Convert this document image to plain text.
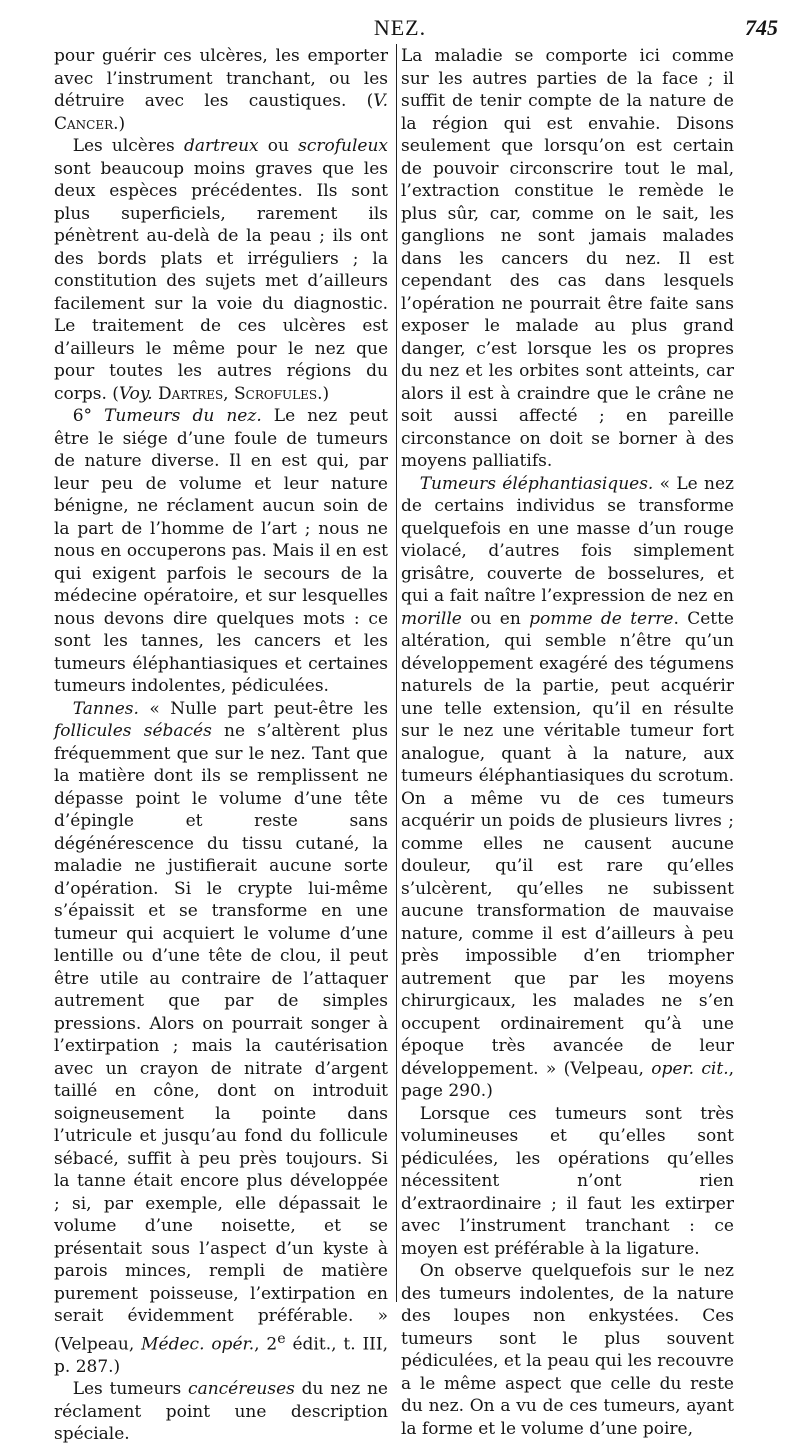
NEZ.	745

pour guérir ces ulcères, les emporter avec l’instrument tranchant, ou les détruire avec les caustiques. (V. Cancer.)

Les ulcères dartreux ou scrofuleux sont beaucoup moins graves que les deux espèces précédentes. Ils sont plus superficiels, rarement ils pénètrent au-delà de la peau ; ils ont des bords plats et irréguliers ; la constitution des sujets met d’ailleurs facilement sur la voie du diagnostic. Le traitement de ces ulcères est d’ailleurs le même pour le nez que pour toutes les autres régions du corps. (Voy. Dartres, Scrofules.)

6° Tumeurs du nez. Le nez peut être le siége d’une foule de tumeurs de nature diverse. Il en est qui, par leur peu de volume et leur nature bénigne, ne réclament aucun soin de la part de l’homme de l’art ; nous ne nous en occuperons pas. Mais il en est qui exigent parfois le secours de la médecine opératoire, et sur lesquelles nous devons dire quelques mots : ce sont les tannes, les cancers et les tumeurs éléphantiasiques et certaines tumeurs indolentes, pédiculées.

Tannes. « Nulle part peut-être les follicules sébacés ne s’altèrent plus fréquemment que sur le nez. Tant que la matière dont ils se remplissent ne dépasse point le volume d’une tête d’épingle et reste sans dégénérescence du tissu cutané, la maladie ne justifierait aucune sorte d’opération. Si le crypte lui-même s’épaissit et se transforme en une tumeur qui acquiert le volume d’une lentille ou d’une tête de clou, il peut être utile au contraire de l’attaquer autrement que par de simples pressions. Alors on pourrait songer à l’extirpation ; mais la cautérisation avec un crayon de nitrate d’argent taillé en cône, dont on introduit soigneusement la pointe dans l’utricule et jusqu’au fond du follicule sébacé, suffit à peu près toujours. Si la tanne était encore plus développée ; si, par exemple, elle dépassait le volume d’une noisette, et se présentait sous l’aspect d’un kyste à parois minces, rempli de matière purement poisseuse, l’extirpation en serait évidemment préférable. » (Velpeau, Médec. opér., 2e édit., t. III, p. 287.)

Les tumeurs cancéreuses du nez ne réclament point une description spéciale.

La maladie se comporte ici comme sur les autres parties de la face ; il suffit de tenir compte de la nature de la région qui est envahie. Disons seulement que lorsqu’on est certain de pouvoir circonscrire tout le mal, l’extraction constitue le remède le plus sûr, car, comme on le sait, les ganglions ne sont jamais malades dans les cancers du nez. Il est cependant des cas dans lesquels l’opération ne pourrait être faite sans exposer le malade au plus grand danger, c’est lorsque les os propres du nez et les orbites sont atteints, car alors il est à craindre que le crâne ne soit aussi affecté ; en pareille circonstance on doit se borner à des moyens palliatifs.

Tumeurs éléphantiasiques. « Le nez de certains individus se transforme quelquefois en une masse d’un rouge violacé, d’autres fois simplement grisâtre, couverte de bosselures, et qui a fait naître l’expression de nez en morille ou en pomme de terre. Cette altération, qui semble n’être qu’un développement exagéré des tégumens naturels de la partie, peut acquérir une telle extension, qu’il en résulte sur le nez une véritable tumeur fort analogue, quant à la nature, aux tumeurs éléphantiasiques du scrotum. On a même vu de ces tumeurs acquérir un poids de plusieurs livres ; comme elles ne causent aucune douleur, qu’il est rare qu’elles s’ulcèrent, qu’elles ne subissent aucune transformation de mauvaise nature, comme il est d’ailleurs à peu près impossible d’en triompher autrement que par les moyens chirurgicaux, les malades ne s’en occupent ordinairement qu’à une époque très avancée de leur développement. » (Velpeau, oper. cit., page 290.)

Lorsque ces tumeurs sont très volumineuses et qu’elles sont pédiculées, les opérations qu’elles nécessitent n’ont rien d’extraordinaire ; il faut les extirper avec l’instrument tranchant : ce moyen est préférable à la ligature.

On observe quelquefois sur le nez des tumeurs indolentes, de la nature des loupes non enkystées. Ces tumeurs sont le plus souvent pédiculées, et la peau qui les recouvre a le même aspect que celle du reste du nez. On a vu de ces tumeurs, ayant la forme et le volume d’une poire,
